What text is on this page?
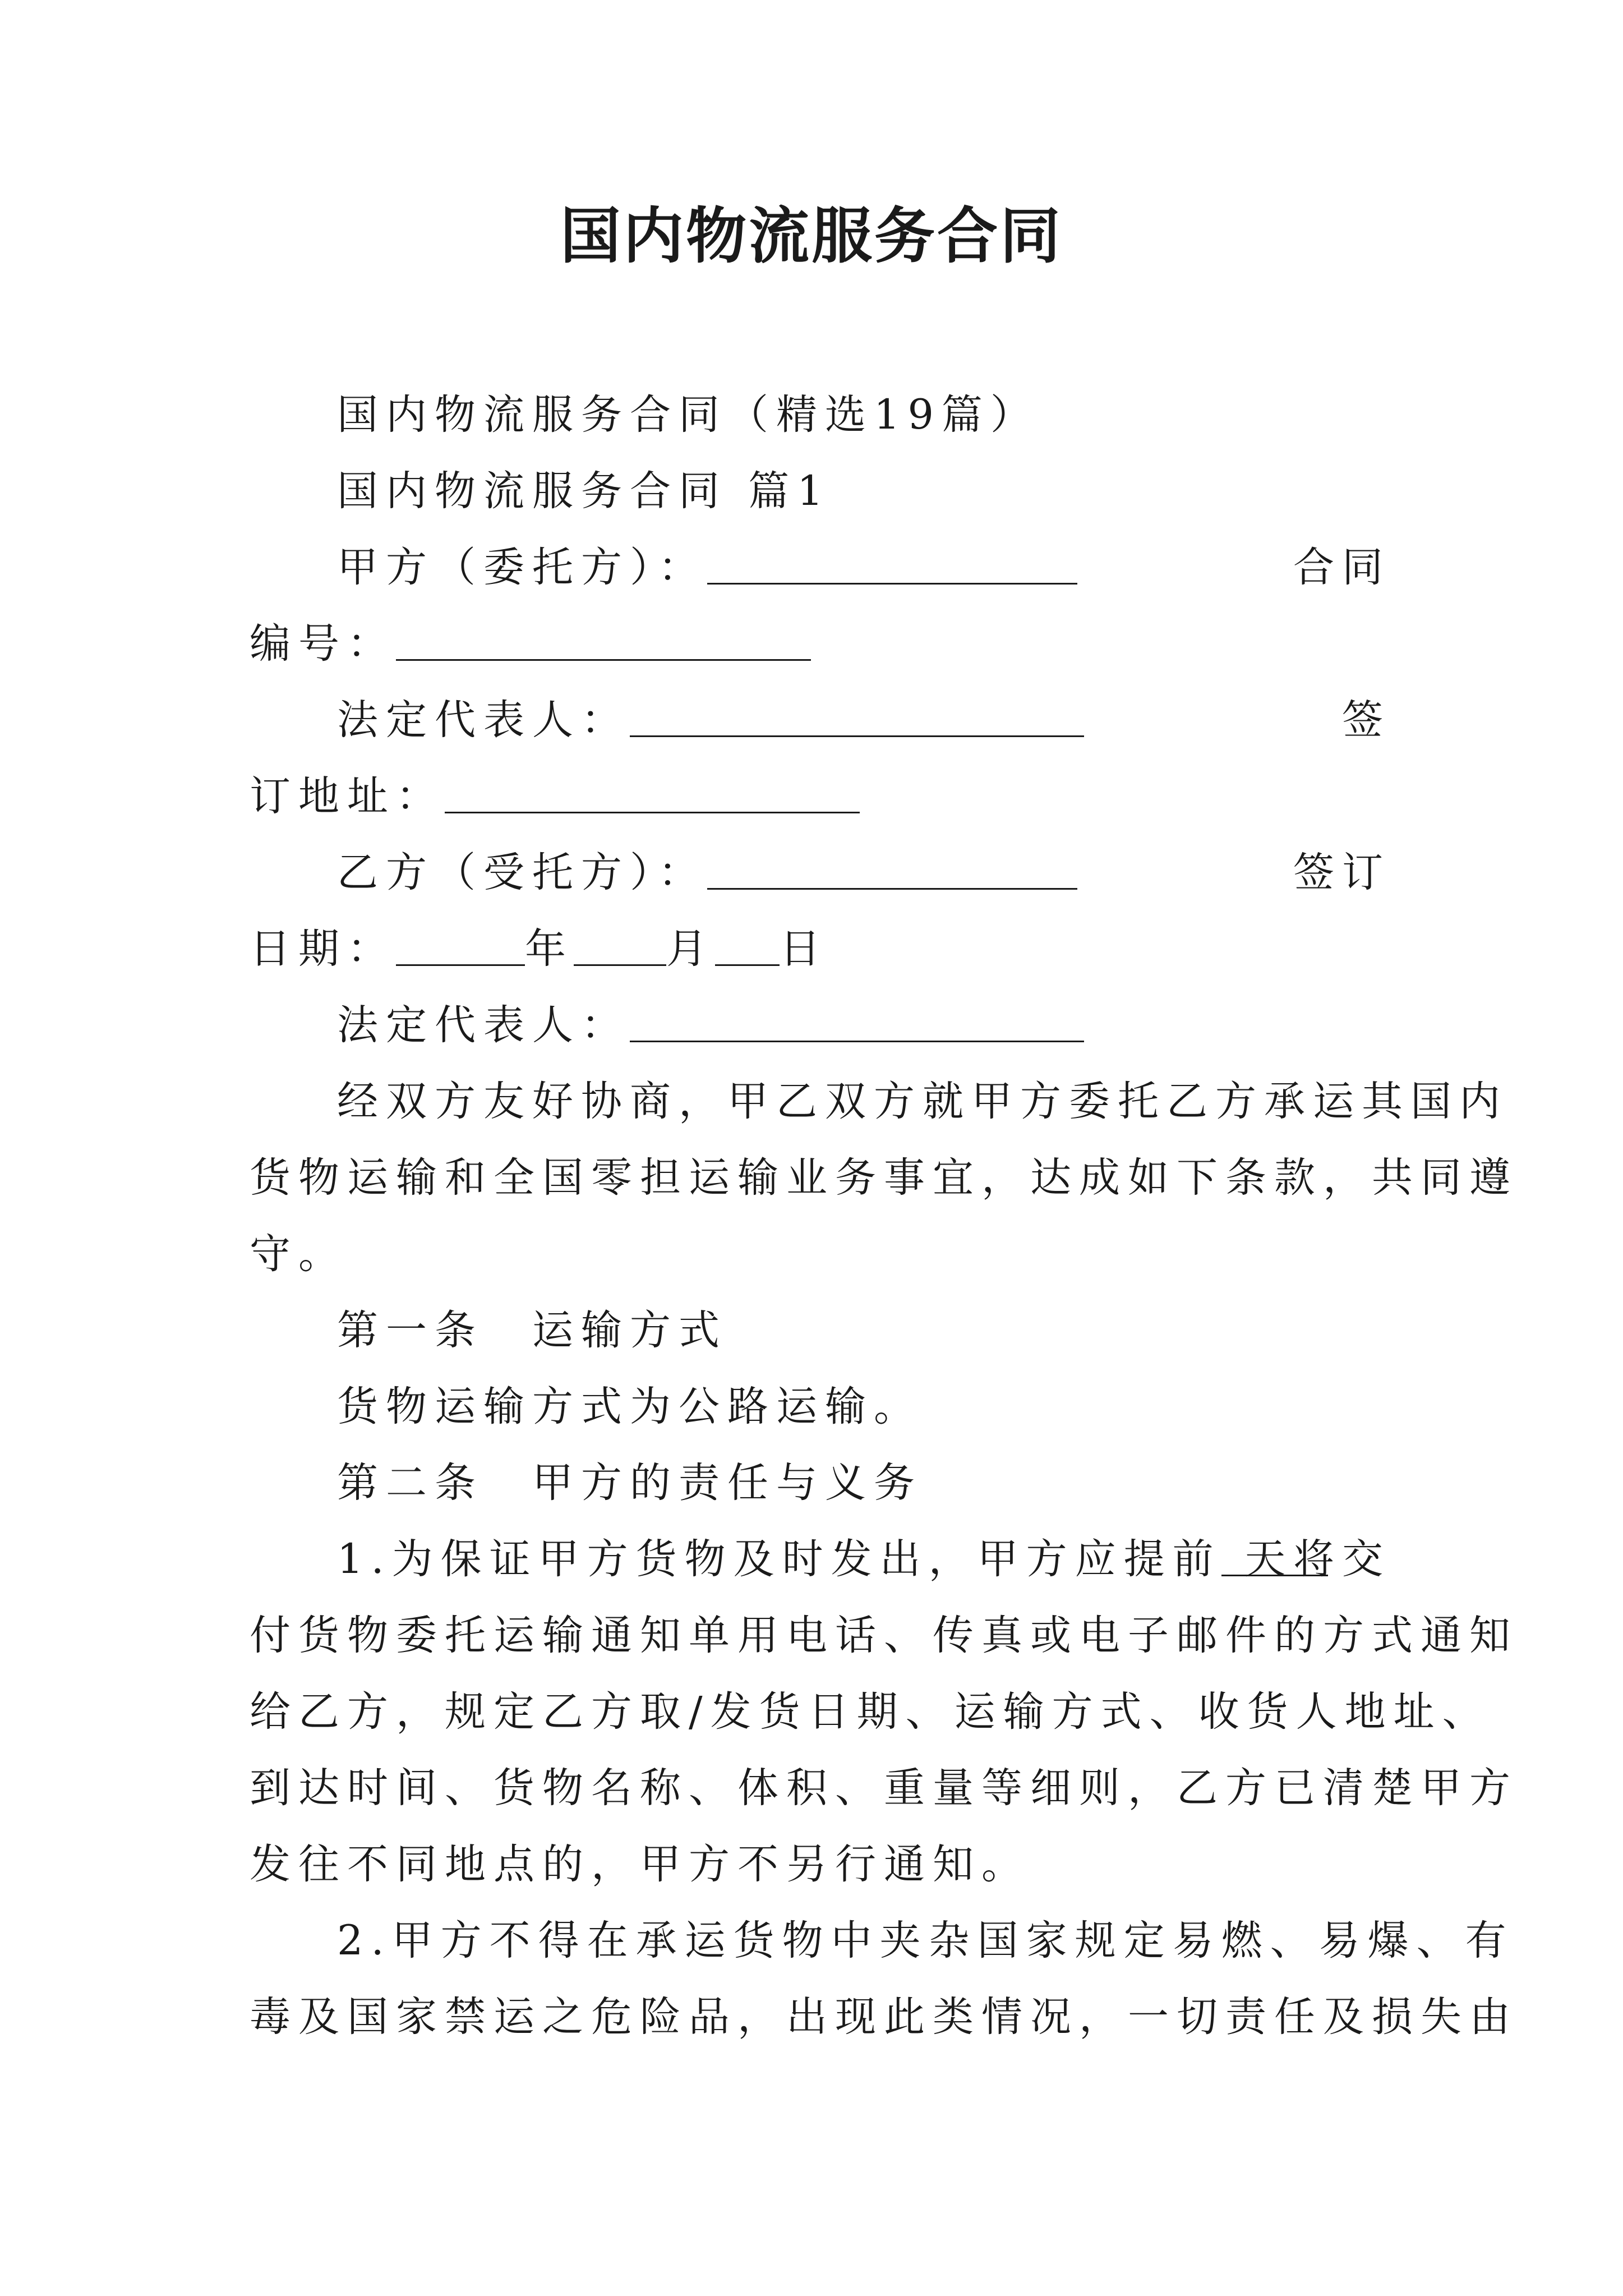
国内物流服务合同

国内物流服务合同（精选19篇）

国内物流服务合同 篇1

甲方（委托方）：	合同
编号：
法定代表人：	签
订地址：
乙方（受托方）：	签订
日期：	年 月 日
法定代表人：

经双方友好协商，甲乙双方就甲方委托乙方承运其国内

货物运输和全国零担运输业务事宜，达成如下条款，共同遵

守。

第一条　运输方式

货物运输方式为公路运输。

第二条　甲方的责任与义务

1.为保证甲方货物及时发出，甲方应提前 天将交

付货物委托运输通知单用电话、传真或电子邮件的方式通知

给乙方，规定乙方取/发货日期、运输方式、收货人地址、

到达时间、货物名称、体积、重量等细则，乙方已清楚甲方

发往不同地点的，甲方不另行通知。

2.甲方不得在承运货物中夹杂国家规定易燃、易爆、有

毒及国家禁运之危险品，出现此类情况，一切责任及损失由
